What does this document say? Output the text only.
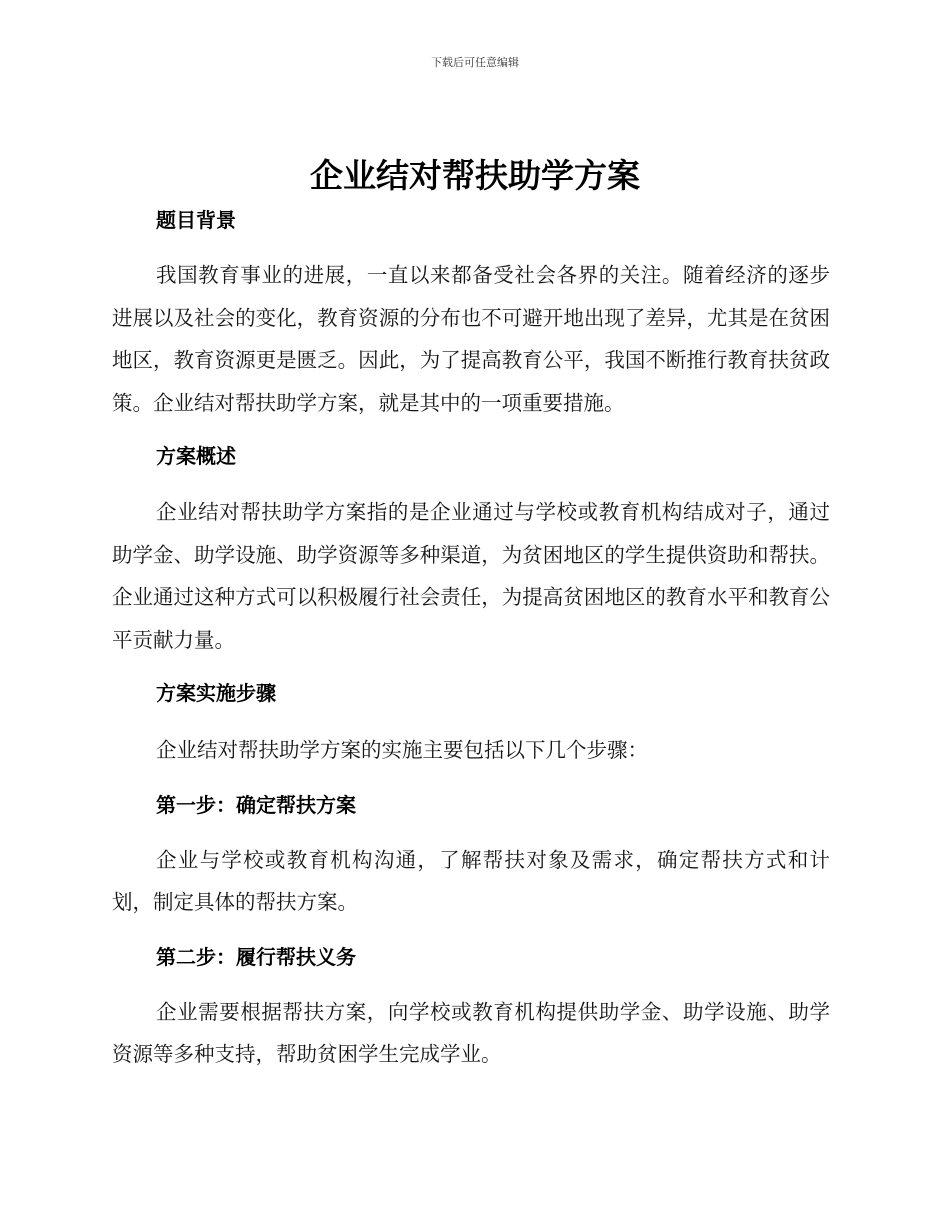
下载后可任意编辑
企业结对帮扶助学方案
题目背景

我国教育事业的进展，一直以来都备受社会各界的关注。随着经济的逐步进展以及社会的变化，教育资源的分布也不可避开地出现了差异，尤其是在贫困地区，教育资源更是匮乏。因此，为了提高教育公平，我国不断推行教育扶贫政策。企业结对帮扶助学方案，就是其中的一项重要措施。

方案概述

企业结对帮扶助学方案指的是企业通过与学校或教育机构结成对子，通过助学金、助学设施、助学资源等多种渠道，为贫困地区的学生提供资助和帮扶。企业通过这种方式可以积极履行社会责任，为提高贫困地区的教育水平和教育公平贡献力量。

方案实施步骤

企业结对帮扶助学方案的实施主要包括以下几个步骤：

第一步：确定帮扶方案

企业与学校或教育机构沟通，了解帮扶对象及需求，确定帮扶方式和计划，制定具体的帮扶方案。

第二步：履行帮扶义务

企业需要根据帮扶方案，向学校或教育机构提供助学金、助学设施、助学资源等多种支持，帮助贫困学生完成学业。
